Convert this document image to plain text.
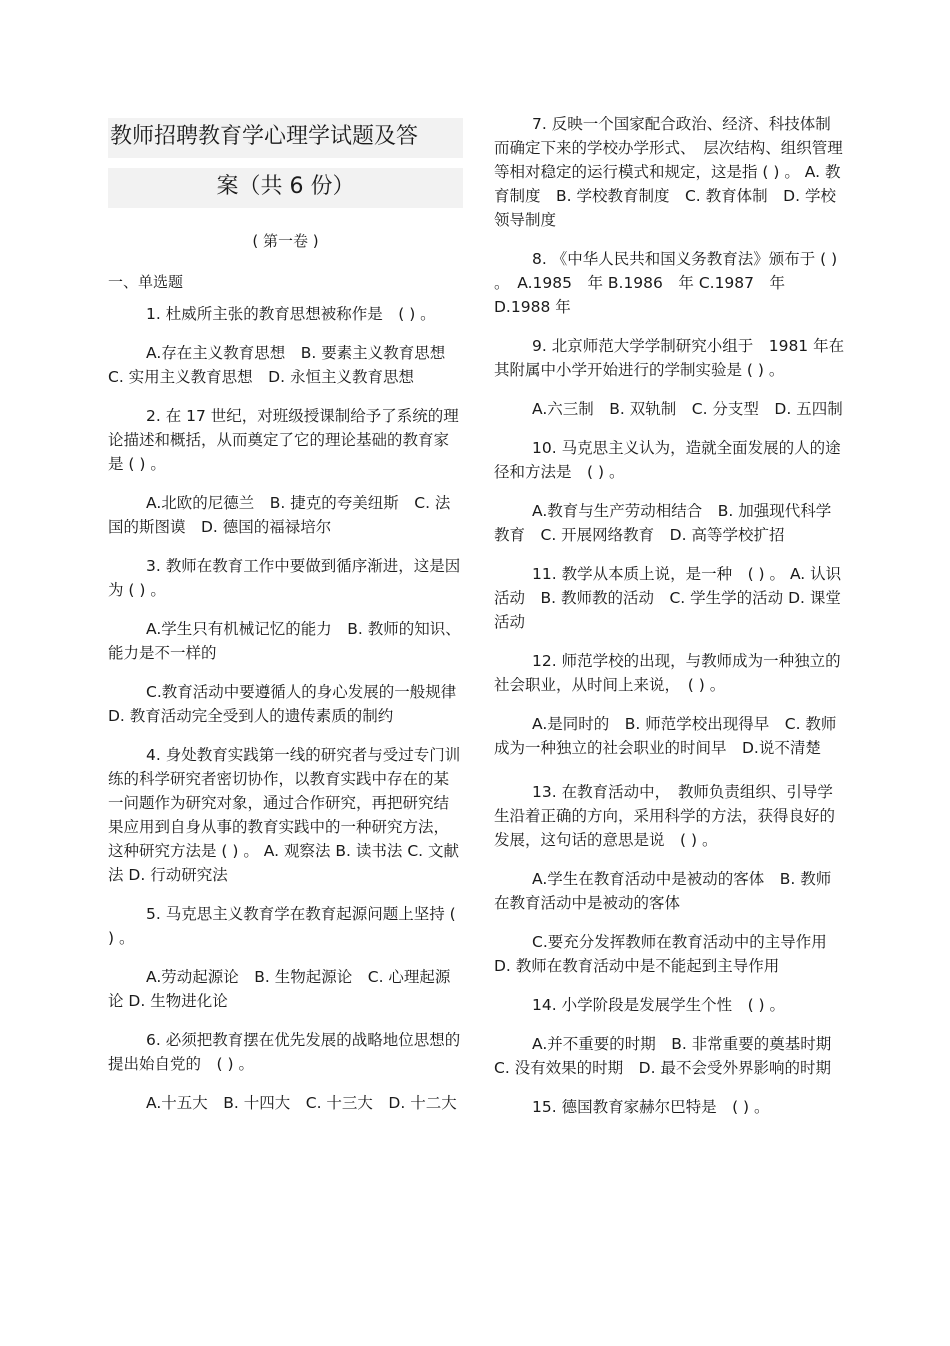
教师招聘教育学心理学试题及答
案（共 6 份）
( 第一卷 )
一、单选题

1. 杜威所主张的教育思想被称作是　( ) 。

A.存在主义教育思想　B. 要素主义教育思想 C. 实用主义教育思想　D. 永恒主义教育思想

2. 在 17 世纪，对班级授课制给予了系统的理论描述和概括，从而奠定了它的理论基础的教育家是 ( ) 。

A.北欧的尼德兰　B. 捷克的夸美纽斯　C. 法国的斯图谟　D. 德国的福禄培尔

3. 教师在教育工作中要做到循序渐进，这是因为 ( ) 。

A.学生只有机械记忆的能力　B. 教师的知识、能力是不一样的

C.教育活动中要遵循人的身心发展的一般规律 D. 教育活动完全受到人的遗传素质的制约

4. 身处教育实践第一线的研究者与受过专门训练的科学研究者密切协作，以教育实践中存在的某一问题作为研究对象，通过合作研究，再把研究结果应用到自身从事的教育实践中的一种研究方法，这种研究方法是 ( ) 。 A. 观察法 B. 读书法 C. 文献法 D. 行动研究法

5. 马克思主义教育学在教育起源问题上坚持 ( ) 。

A.劳动起源论　B. 生物起源论　C. 心理起源论 D. 生物进化论

6. 必须把教育摆在优先发展的战略地位思想的提出始自党的　( ) 。

A.十五大　B. 十四大　C. 十三大　D. 十二大

7. 反映一个国家配合政治、经济、科技体制而确定下来的学校办学形式、　层次结构、组织管理等相对稳定的运行模式和规定，这是指 ( ) 。 A. 教育制度　B. 学校教育制度　C. 教育体制　D. 学校领导制度

8. 《中华人民共和国义务教育法》颁布于 ( ) 。　A.1985　年 B.1986　年 C.1987　年 D.1988 年

9. 北京师范大学学制研究小组于　1981 年在其附属中小学开始进行的学制实验是 ( ) 。

A.六三制　B. 双轨制　C. 分支型　D. 五四制

10. 马克思主义认为，造就全面发展的人的途径和方法是　( ) 。

A.教育与生产劳动相结合　B. 加强现代科学教育　C. 开展网络教育　D. 高等学校扩招

11. 教学从本质上说，是一种　( ) 。 A. 认识活动　B. 教师教的活动　C. 学生学的活动 D. 课堂活动

12. 师范学校的出现，与教师成为一种独立的社会职业，从时间上来说，　( ) 。

A.是同时的　B. 师范学校出现得早　C. 教师成为一种独立的社会职业的时间早　D.说不清楚

13. 在教育活动中，　教师负责组织、引导学生沿着正确的方向，采用科学的方法，获得良好的发展，这句话的意思是说　( ) 。

A.学生在教育活动中是被动的客体　B. 教师在教育活动中是被动的客体

C.要充分发挥教师在教育活动中的主导作用 D. 教师在教育活动中是不能起到主导作用

14. 小学阶段是发展学生个性　( ) 。

A.并不重要的时期　B. 非常重要的奠基时期 C. 没有效果的时期　D. 最不会受外界影响的时期

15. 德国教育家赫尔巴特是　( ) 。
